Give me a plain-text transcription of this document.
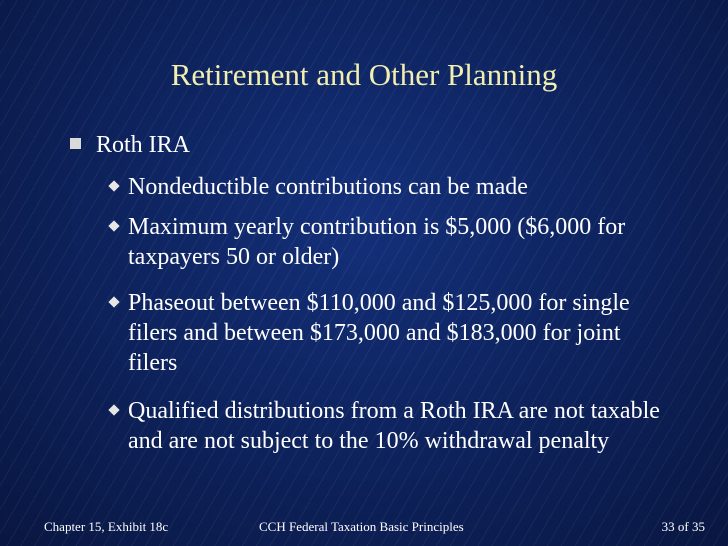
Retirement and Other Planning
Roth IRA
Nondeductible contributions can be made
Maximum yearly contribution is $5,000 ($6,000 for taxpayers 50 or older)
Phaseout between $110,000 and $125,000 for single filers and between $173,000 and $183,000 for joint filers
Qualified distributions from a Roth IRA are not taxable and are not subject to the 10% withdrawal penalty
Chapter 15, Exhibit 18c	CCH Federal Taxation Basic Principles	33 of 35
